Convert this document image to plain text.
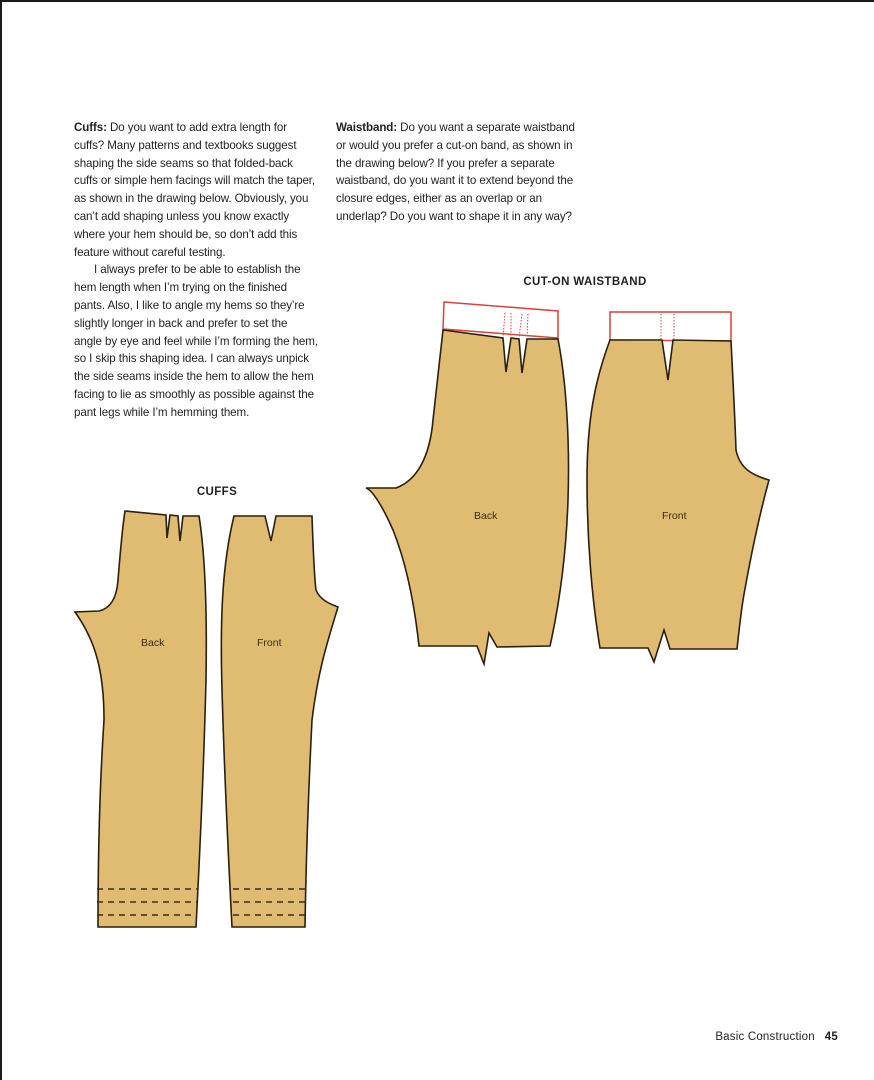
Cuffs: Do you want to add extra length for cuffs? Many patterns and textbooks suggest shaping the side seams so that folded-back cuffs or simple hem facings will match the taper, as shown in the drawing below. Obviously, you can’t add shaping unless you know exactly where your hem should be, so don’t add this feature without careful testing.

I always prefer to be able to establish the hem length when I’m trying on the finished pants. Also, I like to angle my hems so they’re slightly longer in back and prefer to set the angle by eye and feel while I’m forming the hem, so I skip this shaping idea. I can always unpick the side seams inside the hem to allow the hem facing to lie as smoothly as possible against the pant legs while I’m hemming them.

Waistband: Do you want a separate waistband or would you prefer a cut-on band, as shown in the drawing below? If you prefer a separate waistband, do you want it to extend beyond the closure edges, either as an overlap or an underlap? Do you want to shape it in any way?

CUT-ON WAISTBAND
CUFFS
Back	Front
Back	Front
Basic Construction 45
